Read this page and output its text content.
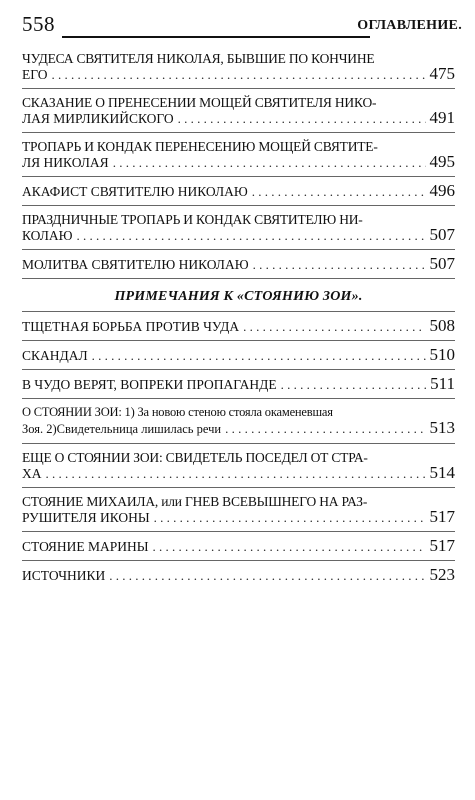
558	ОГЛАВЛЕНИЕ.
ЧУДЕСА СВЯТИТЕЛЯ НИКОЛАЯ, БЫВШИЕ ПО КОНЧИНЕ
ЕГО . . .	475
СКАЗАНИЕ О ПРЕНЕСЕНИИ МОЩЕЙ СВЯТИТЕЛЯ НИКО-
ЛАЯ МИРЛИКИЙСКОГО . . .	491
ТРОПАРЬ И КОНДАК ПЕРЕНЕСЕНИЮ МОЩЕЙ СВЯТИТЕ-
ЛЯ НИКОЛАЯ . . .	495
АКАФИСТ СВЯТИТЕЛЮ НИКОЛАЮ . . .	496
ПРАЗДНИЧНЫЕ ТРОПАРЬ И КОНДАК СВЯТИТЕЛЮ НИ-
КОЛАЮ . . .	507
МОЛИТВА СВЯТИТЕЛЮ НИКОЛАЮ . . .	507
ПРИМЕЧАНИЯ К «СТОЯНИЮ ЗОИ».
ТЩЕТНАЯ БОРЬБА ПРОТИВ ЧУДА . . .	508
СКАНДАЛ . . .	510
В ЧУДО ВЕРЯТ, ВОПРЕКИ ПРОПАГАНДЕ . . .	511
О СТОЯНИИ ЗОИ: 1) За новою стеною стояла окаменевшая
Зоя. 2)Свидетельница лишилась речи . . .	513
ЕЩЕ О СТОЯНИИ ЗОИ: СВИДЕТЕЛЬ ПОСЕДЕЛ ОТ СТРА-
ХА . . .	514
СТОЯНИЕ МИХАИЛА, или ГНЕВ ВСЕВЫШНЕГО НА РАЗ-
РУШИТЕЛЯ ИКОНЫ . . .	517
СТОЯНИЕ МАРИНЫ . . .	517
ИСТОЧНИКИ . . .	523
